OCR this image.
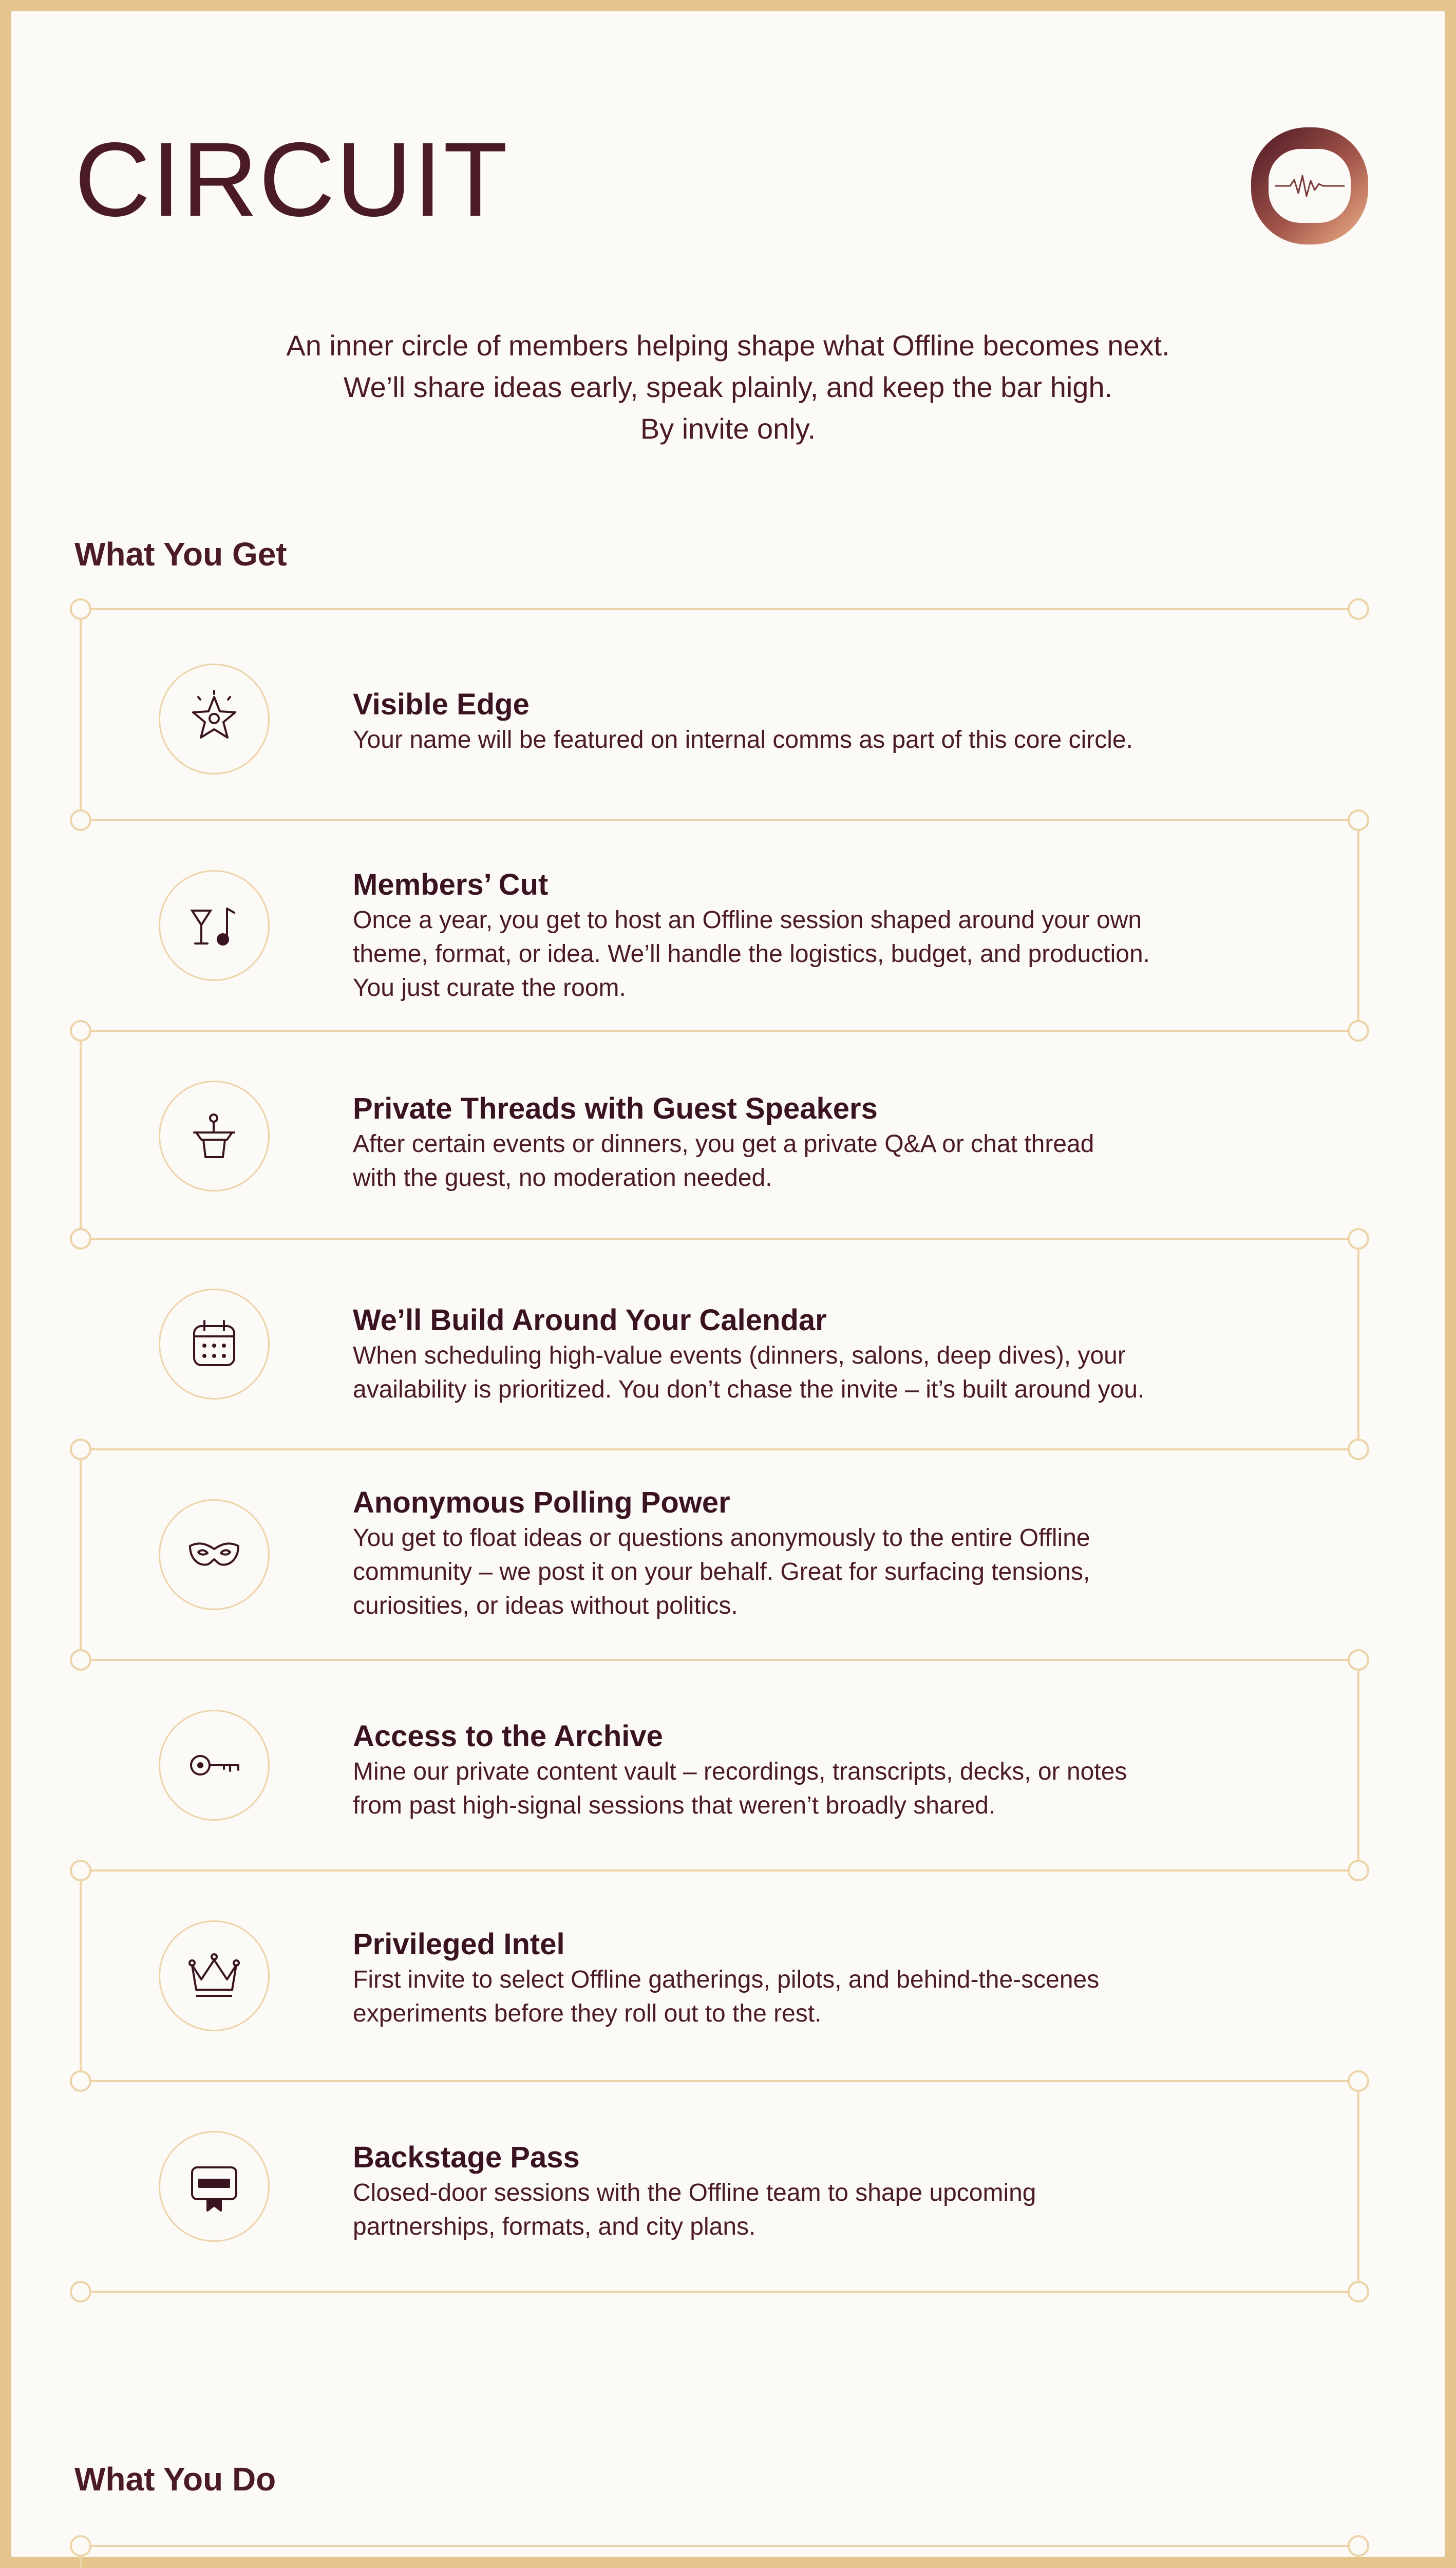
CIRCUIT

An inner circle of members helping shape what Offline becomes next.

We’ll share ideas early, speak plainly, and keep the bar high.

By invite only.

What You Get
What You Do

Visible Edge

Your name will be featured on internal comms as part of this core circle.

Members’ Cut

Once a year, you get to host an Offline session shaped around your own
theme, format, or idea. We’ll handle the logistics, budget, and production.
You just curate the room.

Private Threads with Guest Speakers

After certain events or dinners, you get a private Q&A or chat thread
with the guest, no moderation needed.

We’ll Build Around Your Calendar

When scheduling high-value events (dinners, salons, deep dives), your
availability is prioritized. You don’t chase the invite – it’s built around you.

Anonymous Polling Power

You get to float ideas or questions anonymously to the entire Offline
community – we post it on your behalf. Great for surfacing tensions,
curiosities, or ideas without politics.

Access to the Archive

Mine our private content vault – recordings, transcripts, decks, or notes
from past high-signal sessions that weren’t broadly shared.

Privileged Intel

First invite to select Offline gatherings, pilots, and behind-the-scenes
experiments before they roll out to the rest.

Backstage Pass

Closed-door sessions with the Offline team to shape upcoming
partnerships, formats, and city plans.
